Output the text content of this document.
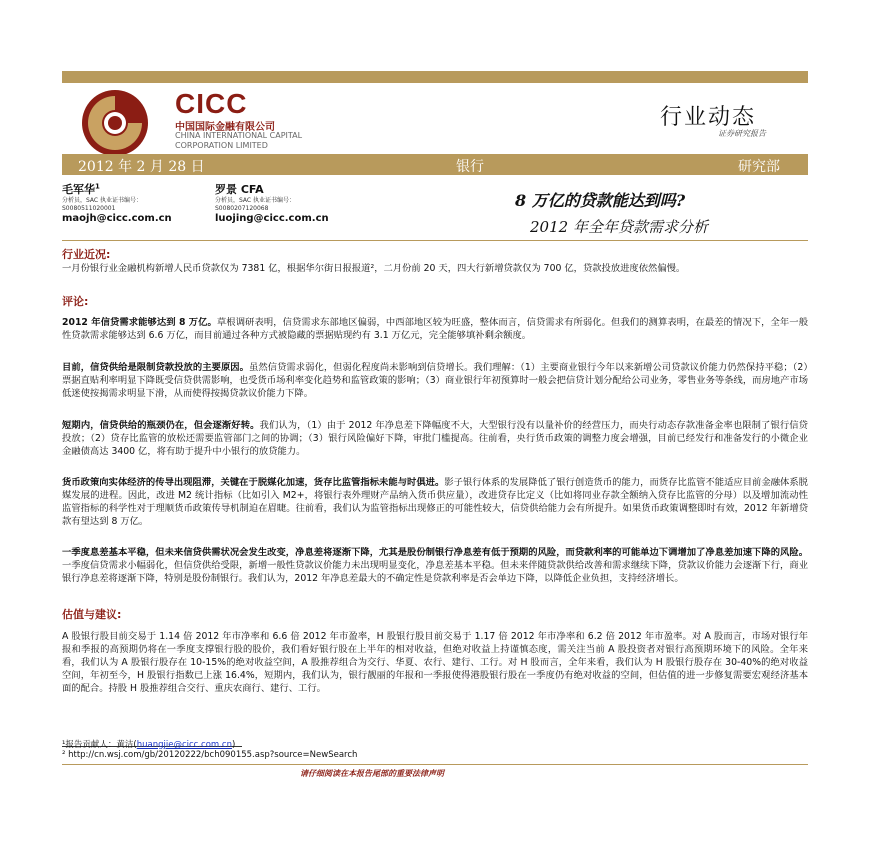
CICC
中国国际金融有限公司
CHINA INTERNATIONAL CAPITAL
CORPORATION LIMITED
行业动态
证券研究报告
2012 年 2 月 28 日	银行	研究部
毛军华$^1$
分析员，SAC 执业证书编号：
S0080511020001
maojh@cicc.com.cn
罗景 CFA
分析员，SAC 执业证书编号：
S0080207120068
luojing@cicc.com.cn
8 万亿的贷款能达到吗?
2012 年全年贷款需求分析
行业近况:
一月份银行业金融机构新增人民币贷款仅为 7381 亿，根据华尔街日报报道²，二月份前 20 天，四大行新增贷款仅为 700 亿，贷款投放进度依然偏慢。
评论:
2012 年信贷需求能够达到 8 万亿。草根调研表明，信贷需求东部地区偏弱，中西部地区较为旺盛，整体而言，信贷需求有所弱化。但我们的测算表明，在最差的情况下，全年一般性贷款需求能够达到 6.6 万亿，而目前通过各种方式被隐藏的票据贴现约有 3.1 万亿元，完全能够填补剩余额度。
目前，信贷供给是限制贷款投放的主要原因。虽然信贷需求弱化，但弱化程度尚未影响到信贷增长。我们理解：（1）主要商业银行今年以来新增公司贷款议价能力仍然保持平稳；（2）票据直贴利率明显下降既受信贷供需影响，也受货币场利率变化趋势和监管政策的影响；（3）商业银行年初预算时一般会把信贷计划分配给公司业务，零售业务等条线，而房地产市场低迷使按揭需求明显下滑，从而使得按揭贷款议价能力下降。
短期内，信贷供给的瓶颈仍在，但会逐渐好转。我们认为，（1）由于 2012 年净息差下降幅度不大，大型银行没有以量补价的经营压力，而央行动态存款准备金率也限制了银行信贷投放；（2）贷存比监管的放松还需要监管部门之间的协调；（3）银行风险偏好下降，审批门槛提高。往前看，央行货币政策的调整力度会增强，目前已经发行和准备发行的小微企业金融债高达 3400 亿，将有助于提升中小银行的放贷能力。
货币政策向实体经济的传导出现阻滞，关键在于脱媒化加速，货存比监管指标未能与时俱进。影子银行体系的发展降低了银行创造货币的能力，而货存比监管不能适应目前金融体系脱媒发展的进程。因此，改进 M2 统计指标（比如引入 M2+，将银行表外理财产品纳入货币供应量），改进贷存比定义（比如将同业存款全额纳入贷存比监管的分母）以及增加流动性监管指标的科学性对于理顺货币政策传导机制迫在眉睫。往前看，我们认为监管指标出现修正的可能性较大，信贷供给能力会有所提升。如果货币政策调整即时有效，2012 年新增贷款有望达到 8 万亿。
一季度息差基本平稳，但未来信贷供需状况会发生改变，净息差将逐渐下降，尤其是股份制银行净息差有低于预期的风险，而贷款利率的可能单边下调增加了净息差加速下降的风险。一季度信贷需求小幅弱化，但信贷供给受限，新增一般性贷款议价能力未出现明显变化，净息差基本平稳。但未来伴随贷款供给改善和需求继续下降，贷款议价能力会逐渐下行，商业银行净息差将逐渐下降，特别是股份制银行。我们认为，2012 年净息差最大的不确定性是贷款利率是否会单边下降，以降低企业负担，支持经济增长。
估值与建议:
A 股银行股目前交易于 1.14 倍 2012 年市净率和 6.6 倍 2012 年市盈率，H 股银行股目前交易于 1.17 倍 2012 年市净率和 6.2 倍 2012 年市盈率。对 A 股而言，市场对银行年报和季报的高预期仍将在一季度支撑银行股的股价，我们看好银行股在上半年的相对收益，但绝对收益上持谨慎态度，需关注当前 A 股投资者对银行高预期环境下的风险。全年来看，我们认为 A 股银行股存在 10-15%的绝对收益空间，A 股推荐组合为交行、华夏、农行、建行、工行。对 H 股而言，全年来看，我们认为 H 股银行股存在 30-40%的绝对收益空间，年初至今，H 股银行指数已上涨 16.4%，短期内，我们认为，银行靓丽的年报和一季报使得港股银行股在一季度仍有绝对收益的空间，但估值的进一步修复需要宏观经济基本面的配合。持股 H 股推荐组合交行、重庆农商行、建行、工行。
¹报告贡献人：黄洁(huangjie@cicc.com.cn)
² http://cn.wsj.com/gb/20120222/bch090155.asp?source=NewSearch
请仔细阅读在本报告尾部的重要法律声明
